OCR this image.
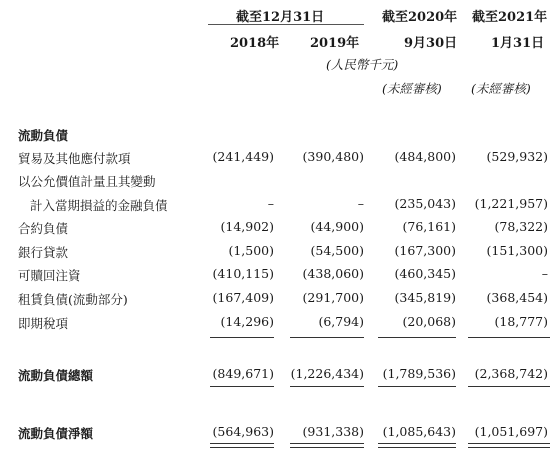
截至12月31日	截至2020年 截至2021年
2018年 2019年	9月30日	1月31日
(人民幣千元)
(未經審核) (未經審核)
流動負債
貿易及其他應付款項	(241,449)	(390,480)	(484,800)	(529,932)
以公允價值計量且其變動
計入當期損益的金融負債	–	–	(235,043)	(1,221,957)
合約負債	(14,902)	(44,900)	(76,161)	(78,322)
銀行貸款	(1,500)	(54,500)	(167,300)	(151,300)
可贖回注資	(410,115)	(438,060)	(460,345)	–
租賃負債(流動部分)	(167,409)	(291,700)	(345,819)	(368,454)
即期稅項	(14,296)	(6,794)	(20,068)	(18,777)
流動負債總額	(849,671)	(1,226,434)	(1,789,536)	(2,368,742)
流動負債淨額	(564,963)	(931,338)	(1,085,643)	(1,051,697)
